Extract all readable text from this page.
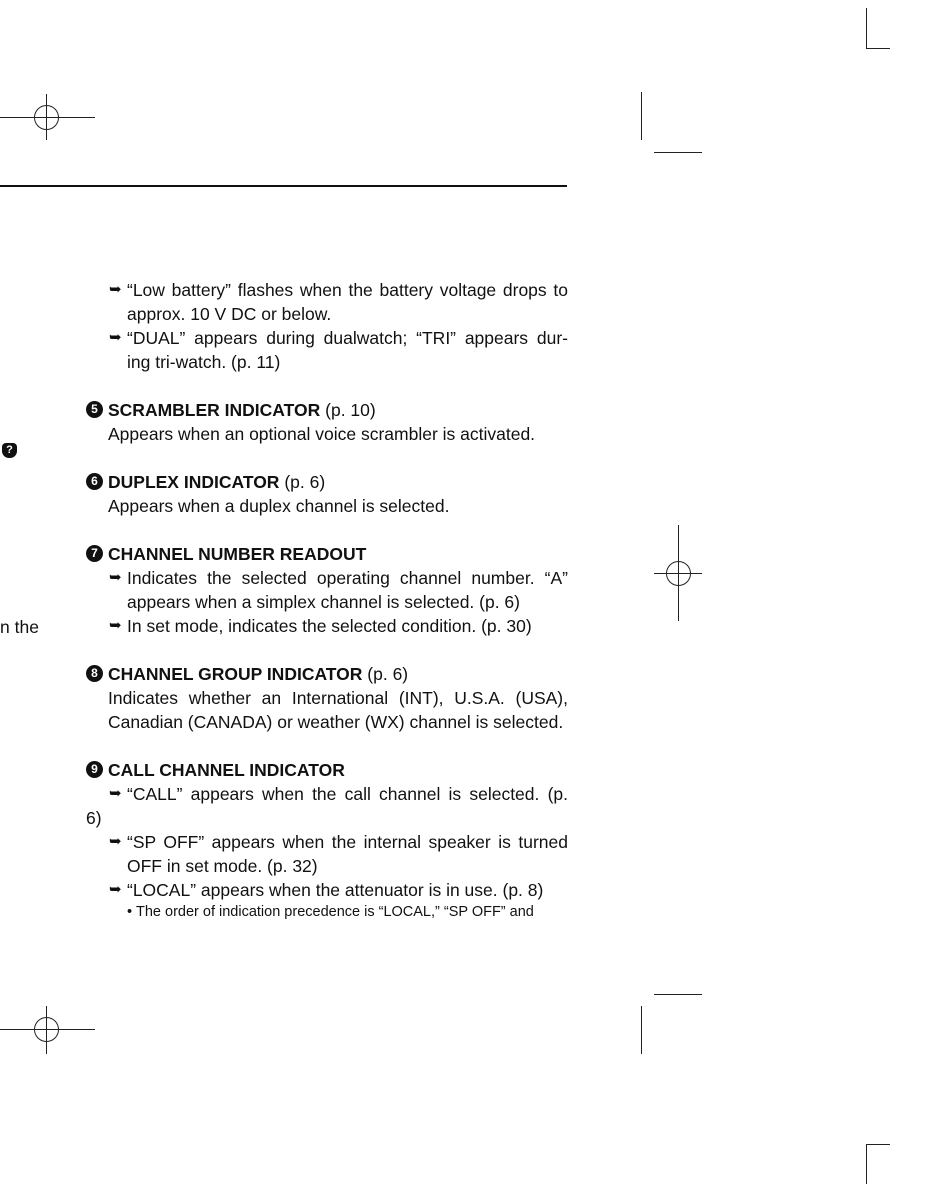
?
n the
➥ “Low battery” flashes when the battery voltage drops to
approx. 10 V DC or below.
➥ “DUAL” appears during dualwatch; “TRI” appears dur-
ing tri-watch. (p. 11)
5 SCRAMBLER INDICATOR (p. 10)
Appears when an optional voice scrambler is activated.
6 DUPLEX INDICATOR (p. 6)
Appears when a duplex channel is selected.
7 CHANNEL NUMBER READOUT
➥ Indicates the selected operating channel number. “A”
appears when a simplex channel is selected. (p. 6)
➥ In set mode, indicates the selected condition. (p. 30)
8 CHANNEL GROUP INDICATOR (p. 6)
Indicates whether an International (INT), U.S.A. (USA),
Canadian (CANADA) or weather (WX) channel is selected.
9 CALL CHANNEL INDICATOR
➥ “CALL” appears when the call channel is selected. (p.
6)
➥ “SP OFF” appears when the internal speaker is turned
OFF in set mode. (p. 32)
➥ “LOCAL” appears when the attenuator is in use. (p. 8)
• The order of indication precedence is “LOCAL,” “SP OFF” and
